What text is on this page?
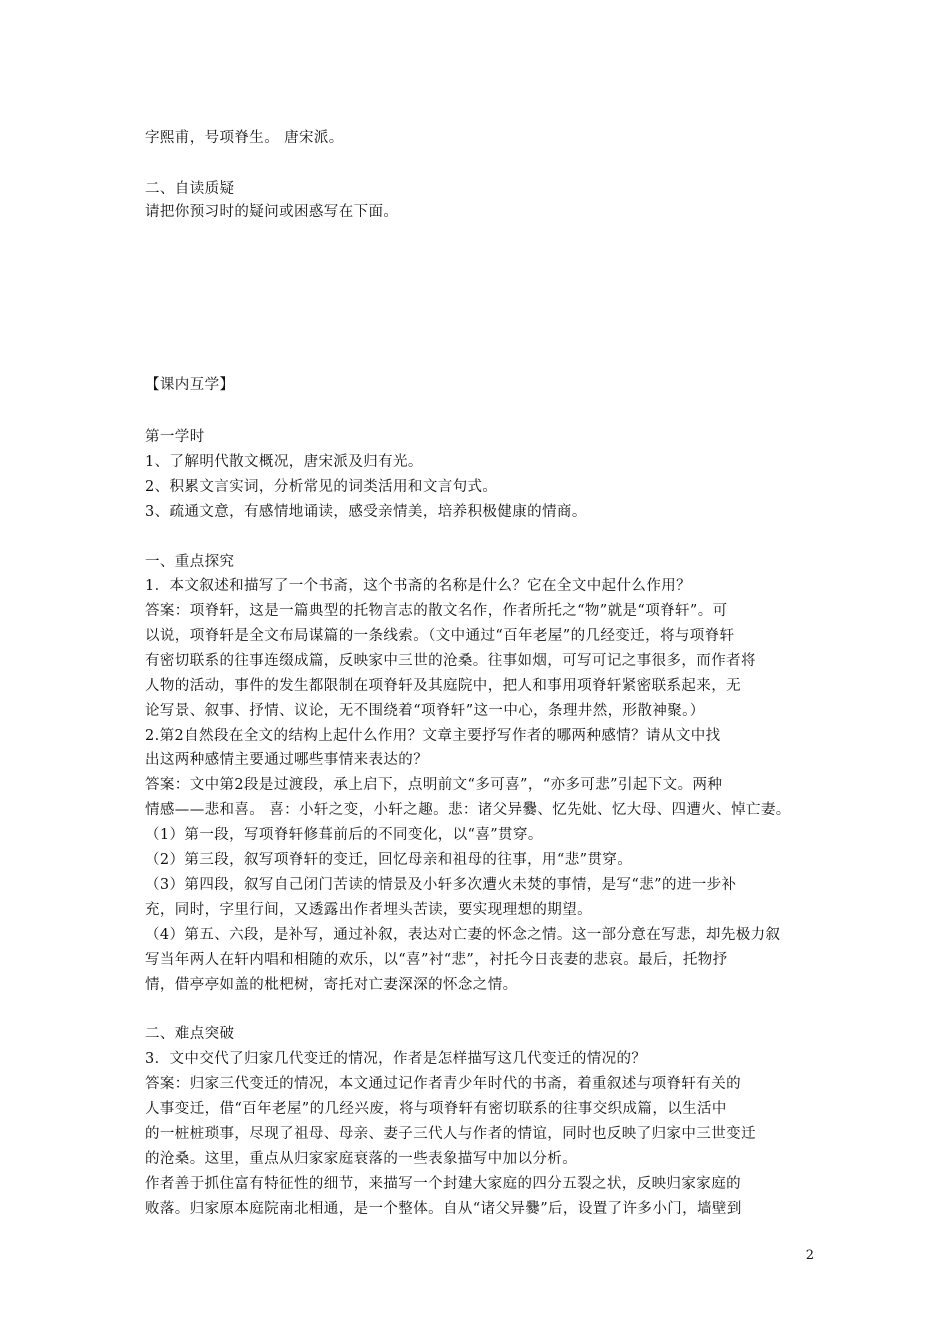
字熙甫，号项脊生。 唐宋派。
二、自读质疑
请把你预习时的疑问或困惑写在下面。
【课内互学】
第一学时
1、了解明代散文概况，唐宋派及归有光。
2、积累文言实词，分析常见的词类活用和文言句式。
3、疏通文意，有感情地诵读，感受亲情美，培养积极健康的情商。
一、重点探究
1．本文叙述和描写了一个书斋，这个书斋的名称是什么？它在全文中起什么作用？
答案：项脊轩，这是一篇典型的托物言志的散文名作，作者所托之“物”就是“项脊轩”。可
以说，项脊轩是全文布局谋篇的一条线索。（文中通过“百年老屋”的几经变迁，将与项脊轩
有密切联系的往事连缀成篇，反映家中三世的沧桑。往事如烟，可写可记之事很多，而作者将
人物的活动，事件的发生都限制在项脊轩及其庭院中，把人和事用项脊轩紧密联系起来，无
论写景、叙事、抒情、议论，无不围绕着“项脊轩”这一中心，条理井然，形散神聚。）
2.第2自然段在全文的结构上起什么作用？文章主要抒写作者的哪两种感情？请从文中找
出这两种感情主要通过哪些事情来表达的？
答案：文中第2段是过渡段，承上启下，点明前文“多可喜”，“亦多可悲”引起下文。两种
情感——悲和喜。 喜：小轩之变，小轩之趣。悲：诸父异爨、忆先妣、忆大母、四遭火、悼亡妻。
（1）第一段，写项脊轩修葺前后的不同变化，以“喜”贯穿。
（2）第三段，叙写项脊轩的变迁，回忆母亲和祖母的往事，用“悲”贯穿。
（3）第四段，叙写自己闭门苦读的情景及小轩多次遭火未焚的事情，是写“悲”的进一步补
充，同时，字里行间，又透露出作者埋头苦读，要实现理想的期望。
（4）第五、六段，是补写，通过补叙，表达对亡妻的怀念之情。这一部分意在写悲，却先极力叙
写当年两人在轩内唱和相随的欢乐，以“喜”衬“悲”，衬托今日丧妻的悲哀。最后，托物抒
情，借亭亭如盖的枇杷树，寄托对亡妻深深的怀念之情。
二、难点突破
3．文中交代了归家几代变迁的情况，作者是怎样描写这几代变迁的情况的？
答案：归家三代变迁的情况，本文通过记作者青少年时代的书斋，着重叙述与项脊轩有关的
人事变迁，借“百年老屋”的几经兴废，将与项脊轩有密切联系的往事交织成篇，以生活中
的一桩桩琐事，尽现了祖母、母亲、妻子三代人与作者的情谊，同时也反映了归家中三世变迁
的沧桑。这里，重点从归家家庭衰落的一些表象描写中加以分析。
作者善于抓住富有特征性的细节，来描写一个封建大家庭的四分五裂之状，反映归家家庭的
败落。归家原本庭院南北相通，是一个整体。自从“诸父异爨”后，设置了许多小门，墙壁到
2
